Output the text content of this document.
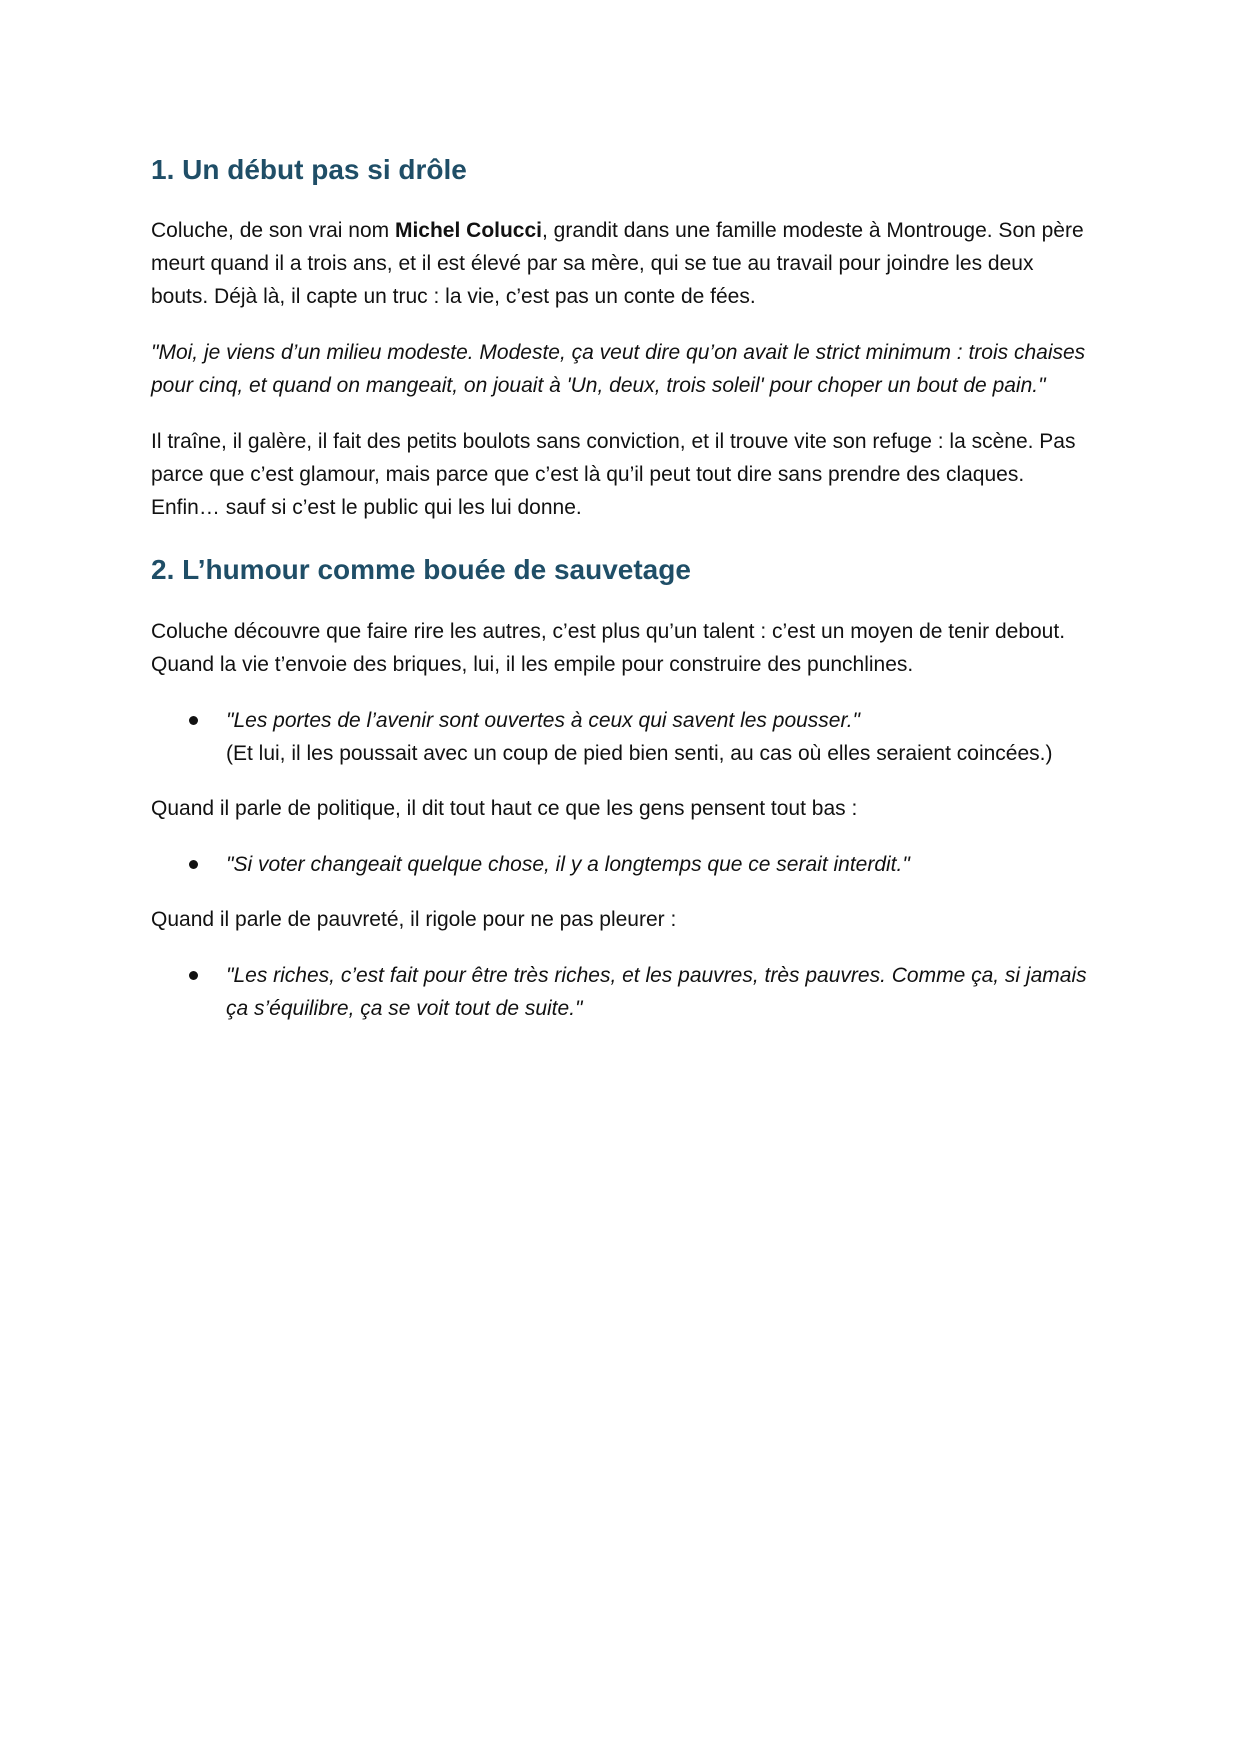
1. Un début pas si drôle

Coluche, de son vrai nom Michel Colucci, grandit dans une famille modeste à Montrouge. Son père meurt quand il a trois ans, et il est élevé par sa mère, qui se tue au travail pour joindre les deux bouts. Déjà là, il capte un truc : la vie, c’est pas un conte de fées.

"Moi, je viens d’un milieu modeste. Modeste, ça veut dire qu’on avait le strict minimum : trois chaises pour cinq, et quand on mangeait, on jouait à 'Un, deux, trois soleil' pour choper un bout de pain."

Il traîne, il galère, il fait des petits boulots sans conviction, et il trouve vite son refuge : la scène. Pas parce que c’est glamour, mais parce que c’est là qu’il peut tout dire sans prendre des claques. Enfin… sauf si c’est le public qui les lui donne.

2. L’humour comme bouée de sauvetage

Coluche découvre que faire rire les autres, c’est plus qu’un talent : c’est un moyen de tenir debout. Quand la vie t’envoie des briques, lui, il les empile pour construire des punchlines.

"Les portes de l’avenir sont ouvertes à ceux qui savent les pousser."
(Et lui, il les poussait avec un coup de pied bien senti, au cas où elles seraient coincées.)

Quand il parle de politique, il dit tout haut ce que les gens pensent tout bas :

"Si voter changeait quelque chose, il y a longtemps que ce serait interdit."

Quand il parle de pauvreté, il rigole pour ne pas pleurer :

"Les riches, c’est fait pour être très riches, et les pauvres, très pauvres. Comme ça, si jamais ça s’équilibre, ça se voit tout de suite."
